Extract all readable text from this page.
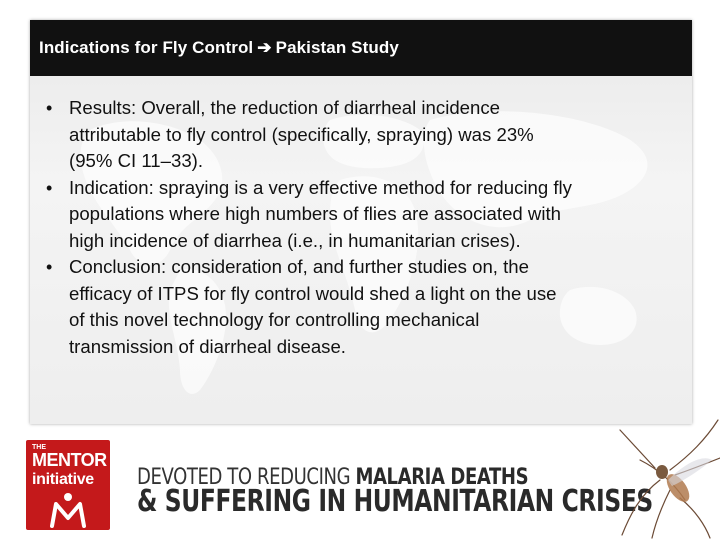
Indications for Fly Control ➔ Pakistan Study
• Results: Overall, the reduction of diarrheal incidence
attributable to fly control (specifically, spraying) was 23%
(95% CI 11–33).
• Indication: spraying is a very effective method for reducing fly
populations where high numbers of flies are associated with
high incidence of diarrhea (i.e., in humanitarian crises).
• Conclusion: consideration of, and further studies on, the
efficacy of ITPS for fly control would shed a light on the use
of this novel technology for controlling mechanical
transmission of diarrheal disease.
THE
MENTOR
initiative DEVOTED TO REDUCING MALARIA DEATHS
& SUFFERING IN HUMANITARIAN CRISES
